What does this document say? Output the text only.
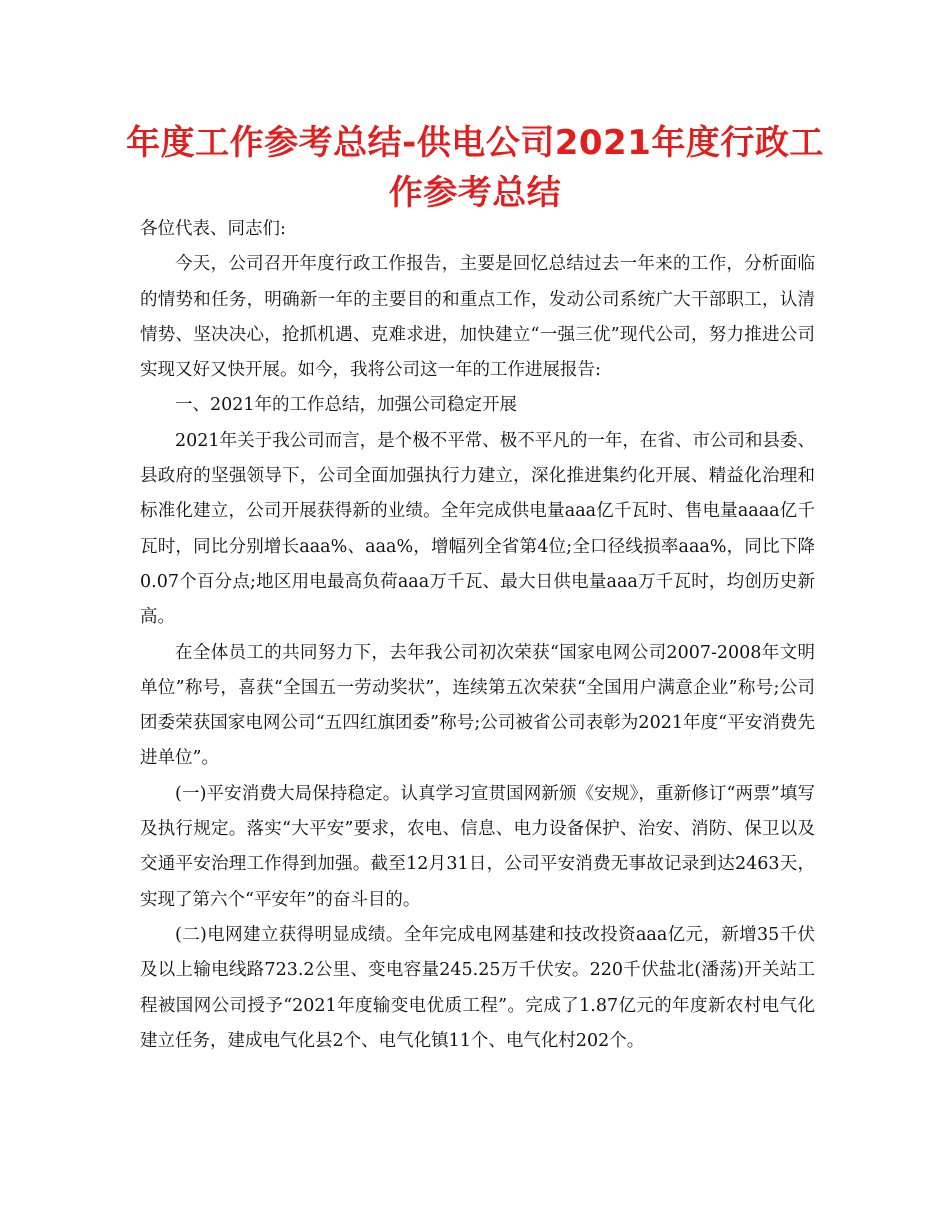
年度工作参考总结-供电公司2021年度行政工作参考总结

各位代表、同志们:

今天，公司召开年度行政工作报告，主要是回忆总结过去一年来的工作，分析面临的情势和任务，明确新一年的主要目的和重点工作，发动公司系统广大干部职工，认清情势、坚决决心，抢抓机遇、克难求进，加快建立“一强三优”现代公司，努力推进公司实现又好又快开展。如今，我将公司这一年的工作进展报告:

一、2021年的工作总结，加强公司稳定开展

2021年关于我公司而言，是个极不平常、极不平凡的一年，在省、市公司和县委、县政府的坚强领导下，公司全面加强执行力建立，深化推进集约化开展、精益化治理和标准化建立，公司开展获得新的业绩。全年完成供电量aaa亿千瓦时、售电量aaaa亿千瓦时，同比分别增长aaa%、aaa%，增幅列全省第4位;全口径线损率aaa%，同比下降0.07个百分点;地区用电最高负荷aaa万千瓦、最大日供电量aaa万千瓦时，均创历史新高。

在全体员工的共同努力下，去年我公司初次荣获“国家电网公司2007-2008年文明单位”称号，喜获“全国五一劳动奖状”，连续第五次荣获“全国用户满意企业”称号;公司团委荣获国家电网公司“五四红旗团委”称号;公司被省公司表彰为2021年度“平安消费先进单位”。

(一)平安消费大局保持稳定。认真学习宣贯国网新颁《安规》，重新修订“两票”填写及执行规定。落实“大平安”要求，农电、信息、电力设备保护、治安、消防、保卫以及交通平安治理工作得到加强。截至12月31日，公司平安消费无事故记录到达2463天，实现了第六个“平安年”的奋斗目的。

(二)电网建立获得明显成绩。全年完成电网基建和技改投资aaa亿元，新增35千伏及以上输电线路723.2公里、变电容量245.25万千伏安。220千伏盐北(潘荡)开关站工程被国网公司授予“2021年度输变电优质工程”。完成了1.87亿元的年度新农村电气化建立任务，建成电气化县2个、电气化镇11个、电气化村202个。
